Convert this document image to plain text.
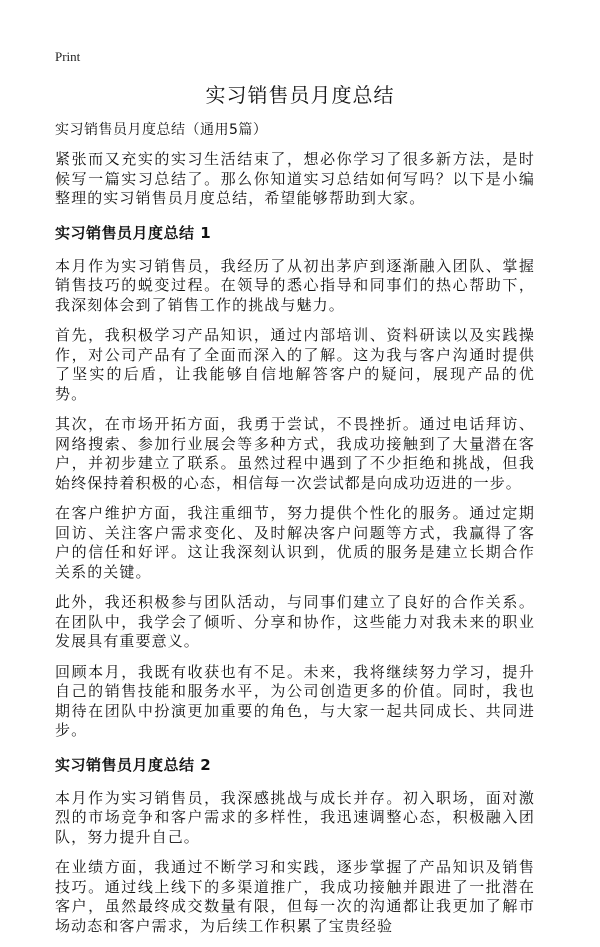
Print
实习销售员月度总结

实习销售员月度总结（通用5篇）

紧张而又充实的实习生活结束了，想必你学习了很多新方法，是时候写一篇实习总结了。那么你知道实习总结如何写吗？以下是小编整理的实习销售员月度总结，希望能够帮助到大家。

实习销售员月度总结 1

本月作为实习销售员，我经历了从初出茅庐到逐渐融入团队、掌握销售技巧的蜕变过程。在领导的悉心指导和同事们的热心帮助下，我深刻体会到了销售工作的挑战与魅力。

首先，我积极学习产品知识，通过内部培训、资料研读以及实践操作，对公司产品有了全面而深入的了解。这为我与客户沟通时提供了坚实的后盾，让我能够自信地解答客户的疑问，展现产品的优势。

其次，在市场开拓方面，我勇于尝试，不畏挫折。通过电话拜访、网络搜索、参加行业展会等多种方式，我成功接触到了大量潜在客户，并初步建立了联系。虽然过程中遇到了不少拒绝和挑战，但我始终保持着积极的心态，相信每一次尝试都是向成功迈进的一步。

在客户维护方面，我注重细节，努力提供个性化的服务。通过定期回访、关注客户需求变化、及时解决客户问题等方式，我赢得了客户的信任和好评。这让我深刻认识到，优质的服务是建立长期合作关系的关键。

此外，我还积极参与团队活动，与同事们建立了良好的合作关系。在团队中，我学会了倾听、分享和协作，这些能力对我未来的职业发展具有重要意义。

回顾本月，我既有收获也有不足。未来，我将继续努力学习，提升自己的销售技能和服务水平，为公司创造更多的价值。同时，我也期待在团队中扮演更加重要的角色，与大家一起共同成长、共同进步。

实习销售员月度总结 2

本月作为实习销售员，我深感挑战与成长并存。初入职场，面对激烈的市场竞争和客户需求的多样性，我迅速调整心态，积极融入团队，努力提升自己。

在业绩方面，我通过不断学习和实践，逐步掌握了产品知识及销售技巧。通过线上线下的多渠道推广，我成功接触并跟进了一批潜在客户，虽然最终成交数量有限，但每一次的沟通都让我更加了解市场动态和客户需求，为后续工作积累了宝贵经验
